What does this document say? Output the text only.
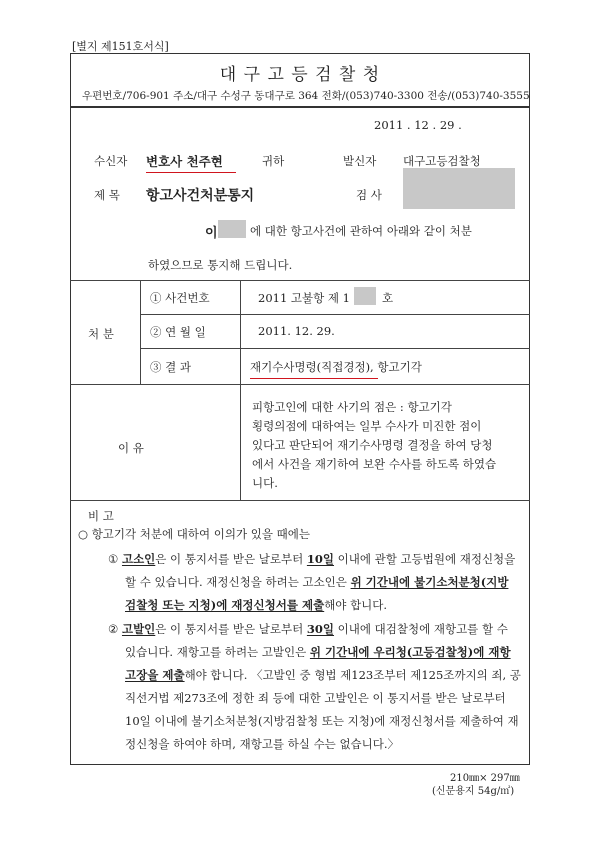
[별지 제151호서식]
대 구 고 등 검 찰 청
우편번호/706-901 주소/대구 수성구 동대구로 364 전화/(053)740-3300 전송/(053)740-3555
2011 . 12 . 29 .
수신자 변호사 천주현	귀하	발신자 대구고등검찰청
제 목 항고사건처분통지	검 사
이	에 대한 항고사건에 관하여 아래와 같이 처분
하였으므로 통지해 드립니다.
처 분
① 사건번호	2011 고불항 제 1	호
② 연 월 일	2011. 12. 29.
③ 결 과	재기수사명령(직접경정), 항고기각
이 유
피항고인에 대한 사기의 점은 : 항고기각
횡령의점에 대하여는 일부 수사가 미진한 점이
있다고 판단되어 재기수사명령 결정을 하여 당청
에서 사건을 재기하여 보완 수사를 하도록 하였습
니다.
비 고
○ 항고기각 처분에 대하여 이의가 있을 때에는
① 고소인은 이 통지서를 받은 날로부터 10일 이내에 관할 고등법원에 재정신청을
할 수 있습니다. 재정신청을 하려는 고소인은 위 기간내에 불기소처분청(지방
검찰청 또는 지청)에 재정신청서를 제출해야 합니다.
② 고발인은 이 통지서를 받은 날로부터 30일 이내에 대검찰청에 재항고를 할 수
있습니다. 재항고를 하려는 고발인은 위 기간내에 우리청(고등검찰청)에 재항
고장을 제출해야 합니다. 〈고발인 중 형법 제123조부터 제125조까지의 죄, 공
직선거법 제273조에 정한 죄 등에 대한 고발인은 이 통지서를 받은 날로부터
10일 이내에 불기소처분청(지방검찰청 또는 지청)에 재정신청서를 제출하여 재
정신청을 하여야 하며, 재항고를 하실 수는 없습니다.〉
210㎜× 297㎜
(신문용지 54g/㎡)
